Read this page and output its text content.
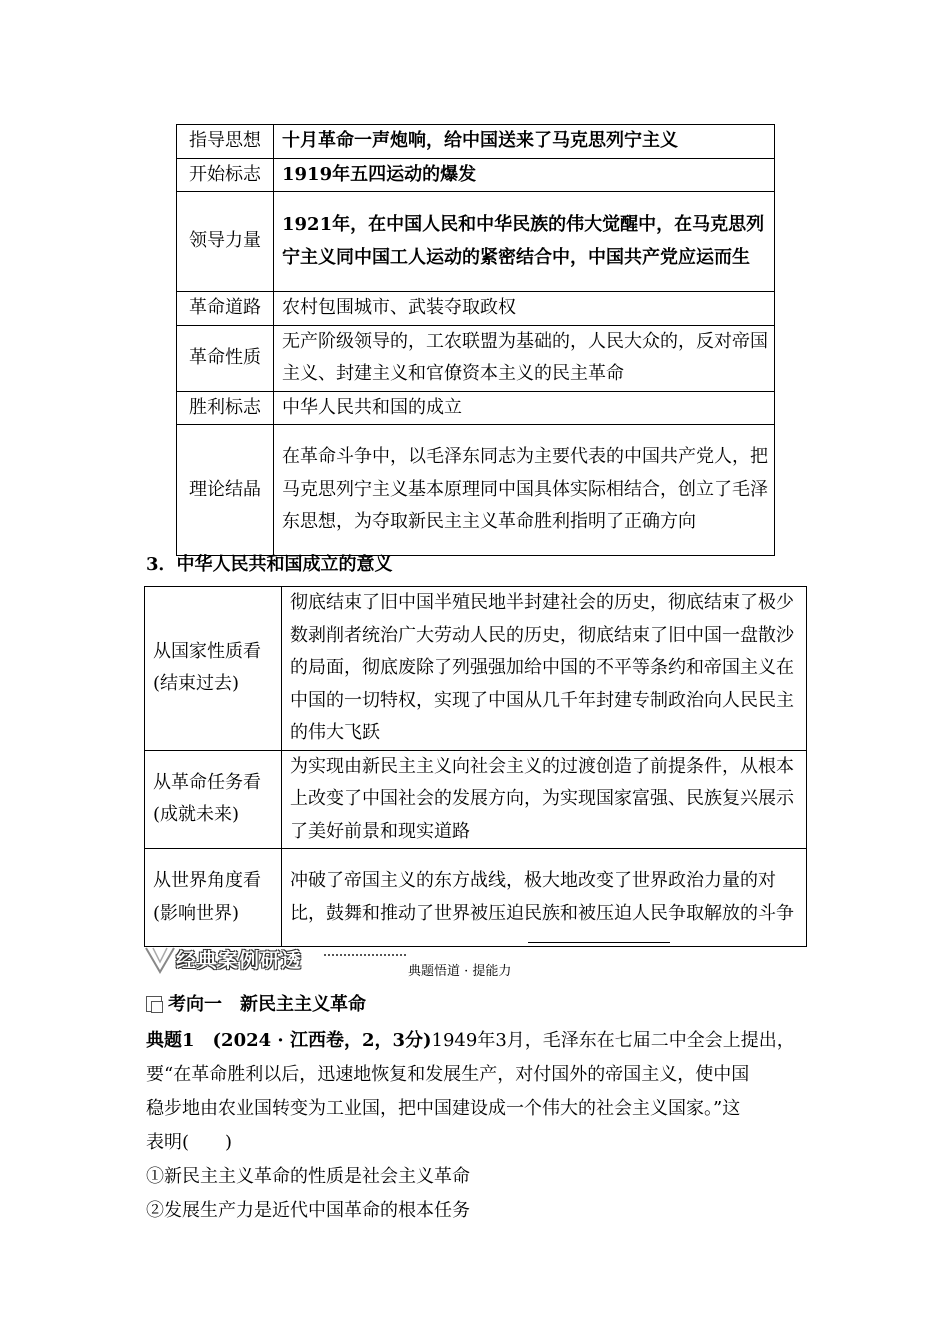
指导思想	十月革命一声炮响，给中国送来了马克思列宁主义
开始标志	1919年五四运动的爆发
领导力量	1921年，在中国人民和中华民族的伟大觉醒中，在马克思列宁主义同中国工人运动的紧密结合中，中国共产党应运而生
革命道路	农村包围城市、武装夺取政权
革命性质	无产阶级领导的，工农联盟为基础的，人民大众的，反对帝国主义、封建主义和官僚资本主义的民主革命
胜利标志	中华人民共和国的成立
理论结晶	在革命斗争中，以毛泽东同志为主要代表的中国共产党人，把马克思列宁主义基本原理同中国具体实际相结合，创立了毛泽东思想，为夺取新民主主义革命胜利指明了正确方向
3．中华人民共和国成立的意义
从国家性质看(结束过去)	彻底结束了旧中国半殖民地半封建社会的历史，彻底结束了极少数剥削者统治广大劳动人民的历史，彻底结束了旧中国一盘散沙的局面，彻底废除了列强强加给中国的不平等条约和帝国主义在中国的一切特权，实现了中国从几千年封建专制政治向人民民主的伟大飞跃
从革命任务看(成就未来)	为实现由新民主主义向社会主义的过渡创造了前提条件，从根本上改变了中国社会的发展方向，为实现国家富强、民族复兴展示了美好前景和现实道路
从世界角度看(影响世界)	冲破了帝国主义的东方战线，极大地改变了世界政治力量的对比，鼓舞和推动了世界被压迫民族和被压迫人民争取解放的斗争
经典案例研透	典题悟道 · 提能力
考向一　新民主主义革命
典题1　 (2024 · 江西卷，2，3分)1949年3月，毛泽东在七届二中全会上提出，
要“在革命胜利以后，迅速地恢复和发展生产，对付国外的帝国主义，使中国
稳步地由农业国转变为工业国，把中国建设成一个伟大的社会主义国家。”这
表明(　　)
①新民主主义革命的性质是社会主义革命
②发展生产力是近代中国革命的根本任务
